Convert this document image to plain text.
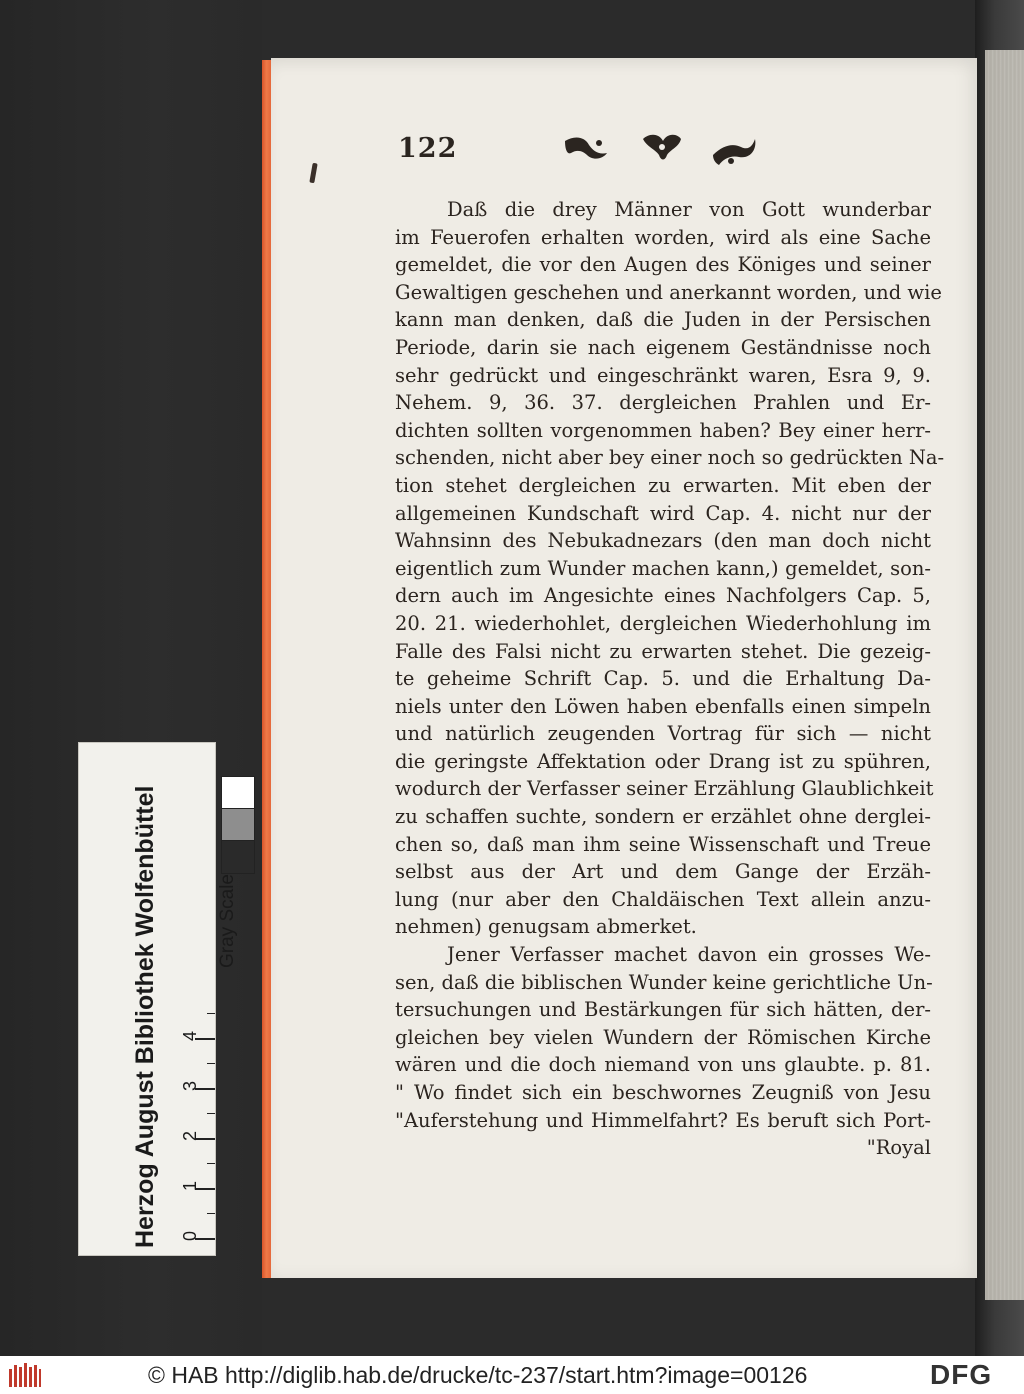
122
Daß die drey Männer von Gott wunderbar
im Feuerofen erhalten worden, wird als eine Sache
gemeldet, die vor den Augen des Königes und seiner
Gewaltigen geschehen und anerkannt worden, und wie
kann man denken, daß die Juden in der Persischen
Periode, darin sie nach eigenem Geständnisse noch
sehr gedrückt und eingeschränkt waren, Esra 9, 9.
Nehem. 9, 36. 37. dergleichen Prahlen und Er-
dichten sollten vorgenommen haben? Bey einer herr-
schenden, nicht aber bey einer noch so gedrückten Na-
tion stehet dergleichen zu erwarten. Mit eben der
allgemeinen Kundschaft wird Cap. 4. nicht nur der
Wahnsinn des Nebukadnezars (den man doch nicht
eigentlich zum Wunder machen kann,) gemeldet, son-
dern auch im Angesichte eines Nachfolgers Cap. 5,
20. 21. wiederhohlet, dergleichen Wiederhohlung im
Falle des Falsi nicht zu erwarten stehet. Die gezeig-
te geheime Schrift Cap. 5. und die Erhaltung Da-
niels unter den Löwen haben ebenfalls einen simpeln
und natürlich zeugenden Vortrag für sich — nicht
die geringste Affektation oder Drang ist zu spühren,
wodurch der Verfasser seiner Erzählung Glaublichkeit
zu schaffen suchte, sondern er erzählet ohne derglei-
chen so, daß man ihm seine Wissenschaft und Treue
selbst aus der Art und dem Gange der Erzäh-
lung (nur aber den Chaldäischen Text allein anzu-
nehmen) genugsam abmerket.
Jener Verfasser machet davon ein grosses We-
sen, daß die biblischen Wunder keine gerichtliche Un-
tersuchungen und Bestärkungen für sich hätten, der-
gleichen bey vielen Wundern der Römischen Kirche
wären und die doch niemand von uns glaubte. p. 81.
" Wo findet sich ein beschwornes Zeugniß von Jesu
"Auferstehung und Himmelfahrt? Es beruft sich Port-
"Royal
Herzog August Bibliothek Wolfenbüttel	Gray Scale
0
1
2
3
4
© HAB http://diglib.hab.de/drucke/tc-237/start.htm?image=00126	DFG
